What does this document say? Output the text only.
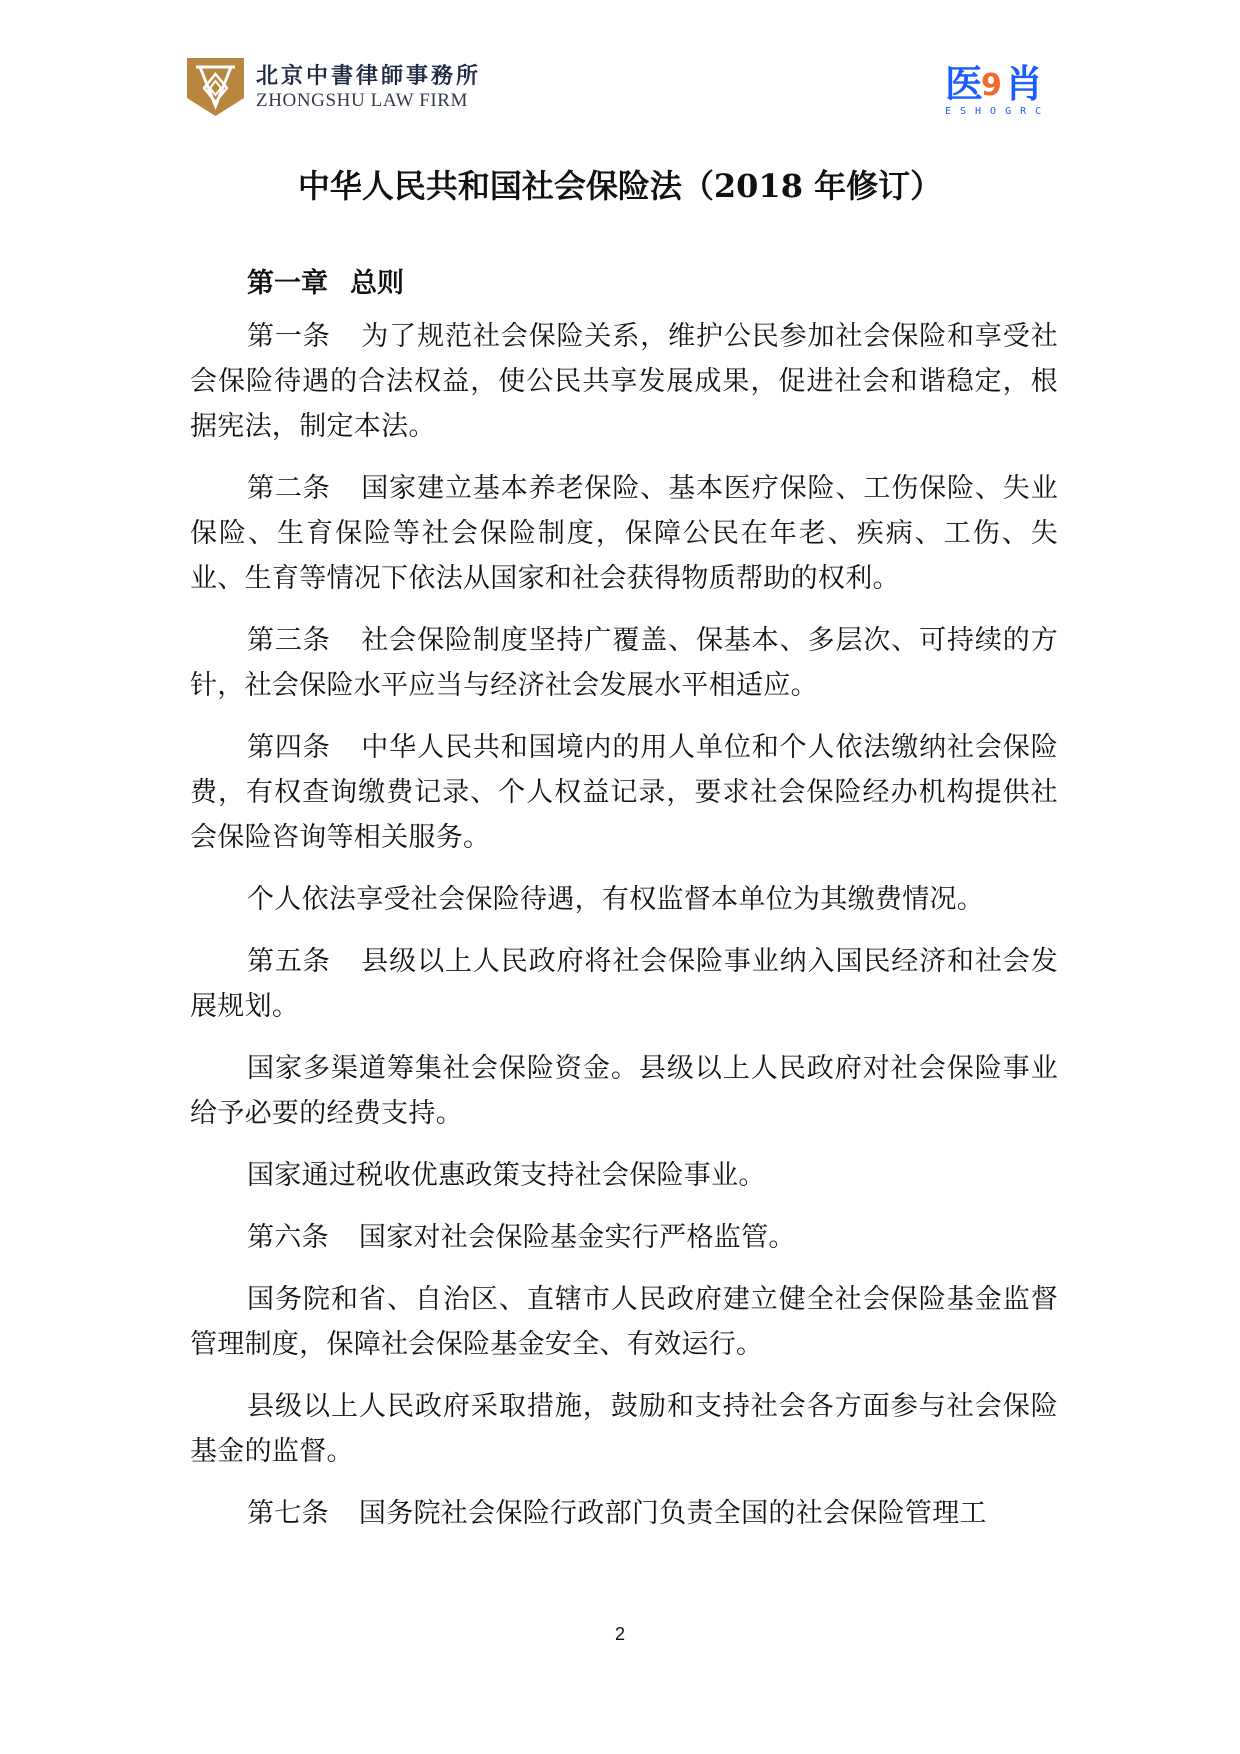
北京中書律師事務所
ZHONGSHU LAW FIRM	医 肖
9
ESHOGRC
中华人民共和国社会保险法（2018 年修订）
第一章 总则

第一条 为了规范社会保险关系，维护公民参加社会保险和享受社会保险待遇的合法权益，使公民共享发展成果，促进社会和谐稳定，根据宪法，制定本法。

第二条 国家建立基本养老保险、基本医疗保险、工伤保险、失业保险、生育保险等社会保险制度，保障公民在年老、疾病、工伤、失业、生育等情况下依法从国家和社会获得物质帮助的权利。

第三条 社会保险制度坚持广覆盖、保基本、多层次、可持续的方针，社会保险水平应当与经济社会发展水平相适应。

第四条 中华人民共和国境内的用人单位和个人依法缴纳社会保险费，有权查询缴费记录、个人权益记录，要求社会保险经办机构提供社会保险咨询等相关服务。

个人依法享受社会保险待遇，有权监督本单位为其缴费情况。

第五条 县级以上人民政府将社会保险事业纳入国民经济和社会发展规划。

国家多渠道筹集社会保险资金。县级以上人民政府对社会保险事业给予必要的经费支持。

国家通过税收优惠政策支持社会保险事业。

第六条 国家对社会保险基金实行严格监管。

国务院和省、自治区、直辖市人民政府建立健全社会保险基金监督管理制度，保障社会保险基金安全、有效运行。

县级以上人民政府采取措施，鼓励和支持社会各方面参与社会保险基金的监督。

第七条 国务院社会保险行政部门负责全国的社会保险管理工

2
